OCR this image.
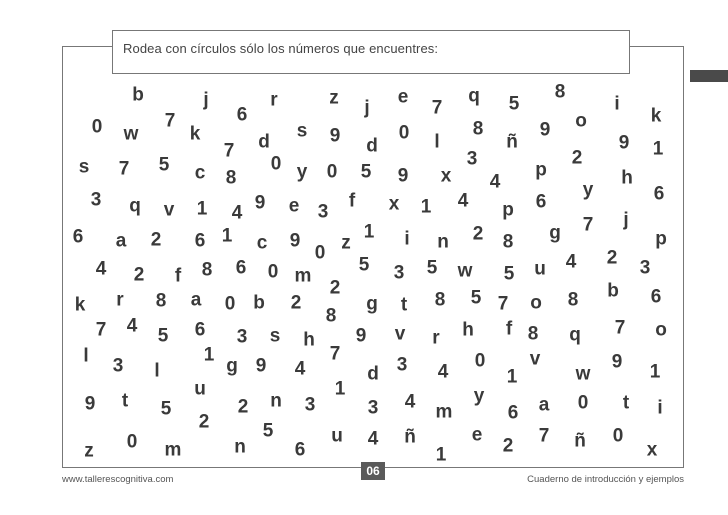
Rodea con círculos sólo los números que encuentres:
b	j	r	z	e	q	8
j	7	5	i
6	k
o
0	7
w	k	s	8	9
d	9	0 l	ñ	9
d	1
7	2
3
s 7 5	0
c	y 0 5 9 x	p	h
8	4	y
3	6
q v 1 9 e	f x 1 4	6
p
4	3	j
7
g
6 a 2 6 1 c 9	1 i n 2 8
z
0
p
4	8 6	2
4	3
2 f	0 m
5 3 5 w 5 u
2
k r 8 a 0 b 2
b 6
g t 8 5 7 o 8
8
7 4 5 6 3 s h 9 v r h f 8 q 7 o
7
l	1
3 l	g 9 4	d 3 4
0
1
v
w
9 1
u	1
9 t 5	2 n 3	3 4 m
y	a 0 t i
6
2	5	u 4 ñ	e	7	0
2	ñ
z 0 m	n	6	1	x
06
www.tallerescognitiva.com	Cuaderno de introducción y ejemplos
